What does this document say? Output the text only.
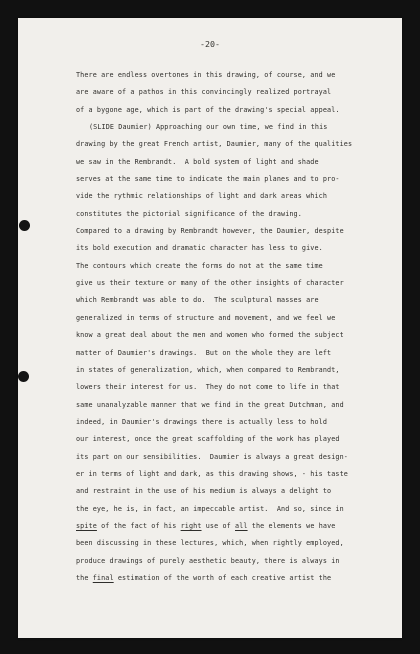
-20-
There are endless overtones in this drawing, of course, and we
are aware of a pathos in this convincingly realized portrayal
of a bygone age, which is part of the drawing's special appeal.
(SLIDE Daumier) Approaching our own time, we find in this
drawing by the great French artist, Daumier, many of the qualities
we saw in the Rembrandt.  A bold system of light and shade
serves at the same time to indicate the main planes and to pro-
vide the rythmic relationships of light and dark areas which
constitutes the pictorial significance of the drawing.
Compared to a drawing by Rembrandt however, the Daumier, despite
its bold execution and dramatic character has less to give.
The contours which create the forms do not at the same time
give us their texture or many of the other insights of character
which Rembrandt was able to do.  The sculptural masses are
generalized in terms of structure and movement, and we feel we
know a great deal about the men and women who formed the subject
matter of Daumier's drawings.  But on the whole they are left
in states of generalization, which, when compared to Rembrandt,
lowers their interest for us.  They do not come to life in that
same unanalyzable manner that we find in the great Dutchman, and
indeed, in Daumier's drawings there is actually less to hold
our interest, once the great scaffolding of the work has played
its part on our sensibilities.  Daumier is always a great design-
er in terms of light and dark, as this drawing shows, - his taste
and restraint in the use of his medium is always a delight to
the eye, he is, in fact, an impeccable artist.  And so, since in
spite of the fact of his right use of all the elements we have
been discussing in these lectures, which, when rightly employed,
produce drawings of purely aesthetic beauty, there is always in
the final estimation of the worth of each creative artist the
